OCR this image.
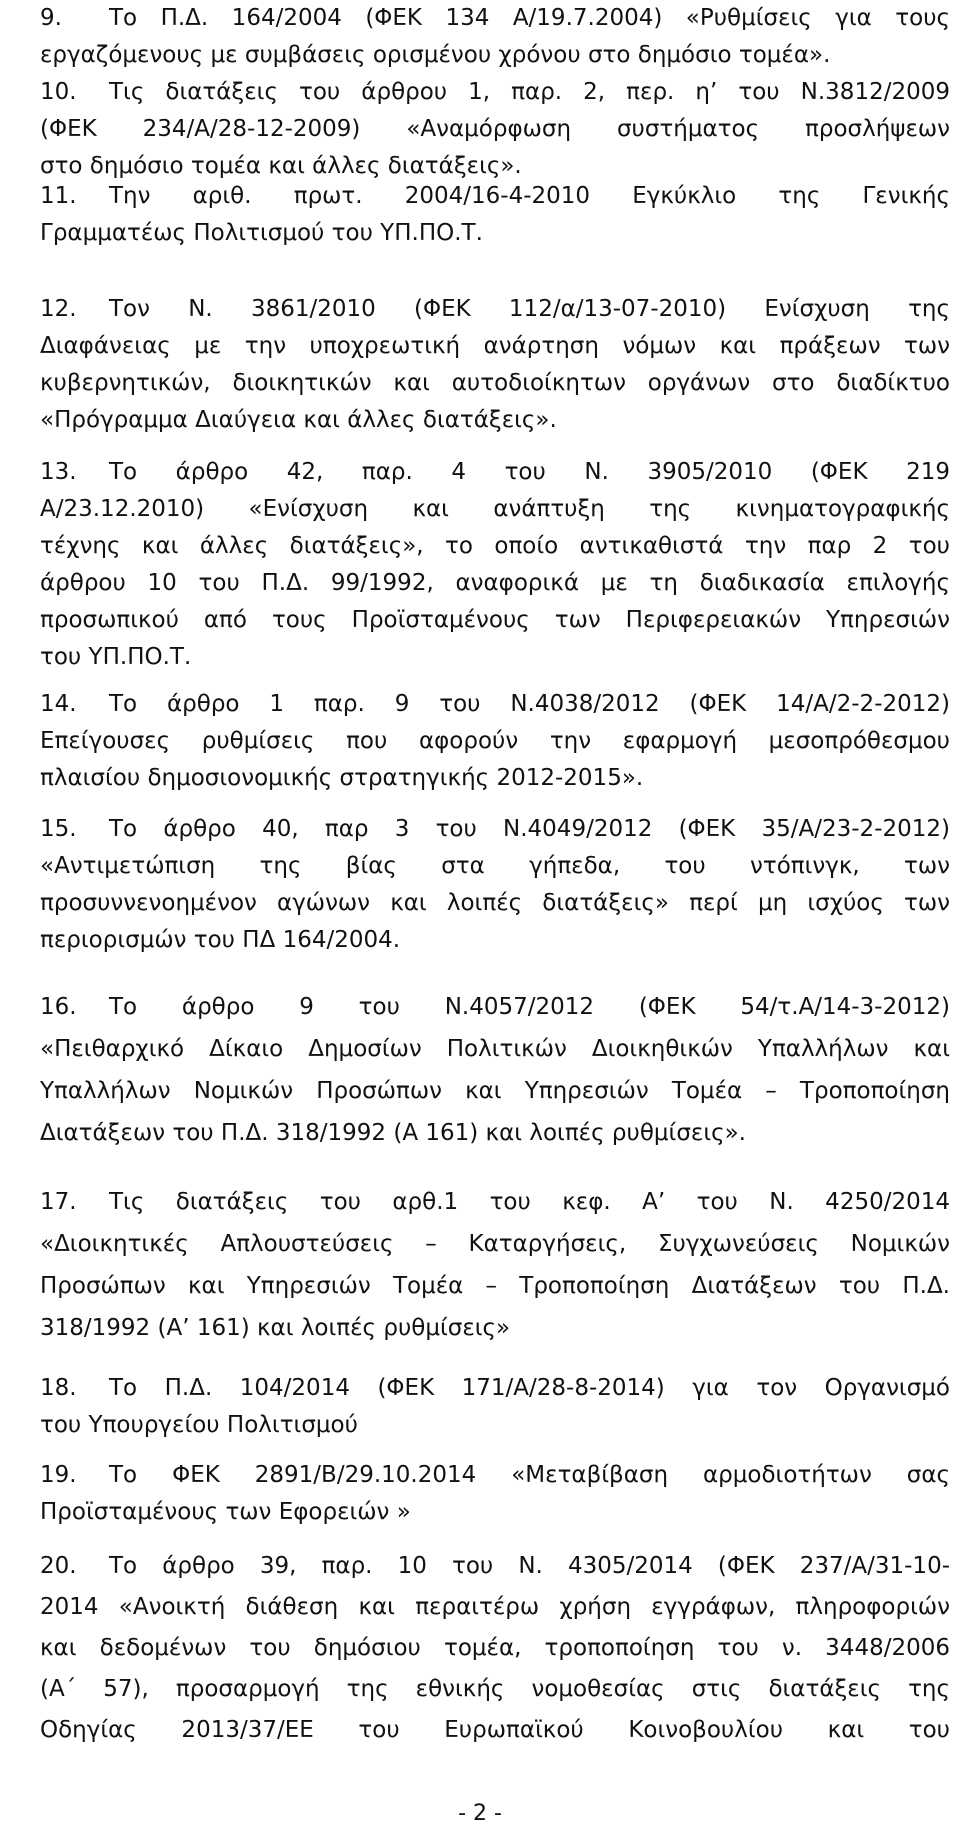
9. Το Π.Δ. 164/2004 (ΦΕΚ 134 Α/19.7.2004) «Ρυθμίσεις για τους
εργαζόμενους με συμβάσεις ορισμένου χρόνου στο δημόσιο τομέα».
10. Τις διατάξεις του άρθρου 1, παρ. 2, περ. η’ του Ν.3812/2009
(ΦΕΚ 234/Α/28-12-2009) «Αναμόρφωση συστήματος προσλήψεων
στο δημόσιο τομέα και άλλες διατάξεις».
11. Την αριθ. πρωτ. 2004/16-4-2010 Εγκύκλιο της Γενικής
Γραμματέως Πολιτισμού του ΥΠ.ΠΟ.Τ.
12. Τον Ν. 3861/2010 (ΦΕΚ 112/α/13-07-2010) Ενίσχυση της
Διαφάνειας με την υποχρεωτική ανάρτηση νόμων και πράξεων των
κυβερνητικών, διοικητικών και αυτοδιοίκητων οργάνων στο διαδίκτυο
«Πρόγραμμα Διαύγεια και άλλες διατάξεις».
13. Το άρθρο 42, παρ. 4 του Ν. 3905/2010 (ΦΕΚ 219
Α/23.12.2010) «Ενίσχυση και ανάπτυξη της κινηματογραφικής
τέχνης και άλλες διατάξεις», το οποίο αντικαθιστά την παρ 2 του
άρθρου 10 του Π.Δ. 99/1992, αναφορικά με τη διαδικασία επιλογής
προσωπικού από τους Προϊσταμένους των Περιφερειακών Υπηρεσιών
του ΥΠ.ΠΟ.Τ.
14. Το άρθρο 1 παρ. 9 του Ν.4038/2012 (ΦΕΚ 14/Α/2-2-2012)
Επείγουσες ρυθμίσεις που αφορούν την εφαρμογή μεσοπρόθεσμου
πλαισίου δημοσιονομικής στρατηγικής 2012-2015».
15. Το άρθρο 40, παρ 3 του Ν.4049/2012 (ΦΕΚ 35/Α/23-2-2012)
«Αντιμετώπιση της βίας στα γήπεδα, του ντόπινγκ, των
προσυννενοημένον αγώνων και λοιπές διατάξεις» περί μη ισχύος των
περιορισμών του ΠΔ 164/2004.
16. Το άρθρο 9 του Ν.4057/2012 (ΦΕΚ 54/τ.Α/14-3-2012)
«Πειθαρχικό Δίκαιο Δημοσίων Πολιτικών Διοικηθικών Υπαλλήλων και
Υπαλλήλων Νομικών Προσώπων και Υπηρεσιών Τομέα – Τροποποίηση
Διατάξεων του Π.Δ. 318/1992 (Α 161) και λοιπές ρυθμίσεις».
17. Τις διατάξεις του αρθ.1 του κεφ. Α’ του Ν. 4250/2014
«Διοικητικές Απλουστεύσεις – Καταργήσεις, Συγχωνεύσεις Νομικών
Προσώπων και Υπηρεσιών Τομέα – Τροποποίηση Διατάξεων του Π.Δ.
318/1992 (Α’ 161) και λοιπές ρυθμίσεις»
18. Το Π.Δ. 104/2014 (ΦΕΚ 171/Α/28-8-2014) για τον Οργανισμό
του Υπουργείου Πολιτισμού
19. Το ΦΕΚ 2891/Β/29.10.2014 «Μεταβίβαση αρμοδιοτήτων σας
Προϊσταμένους των Εφορειών »
20. Το άρθρο 39, παρ. 10 του Ν. 4305/2014 (ΦΕΚ 237/Α/31-10-
2014 «Ανοικτή διάθεση και περαιτέρω χρήση εγγράφων, πληροφοριών
και δεδομένων του δημόσιου τομέα, τροποποίηση του ν. 3448/2006
(Α΄ 57), προσαρμογή της εθνικής νομοθεσίας στις διατάξεις της
Οδηγίας 2013/37/ΕΕ του Ευρωπαϊκού Κοινοβουλίου και του
- 2 -
